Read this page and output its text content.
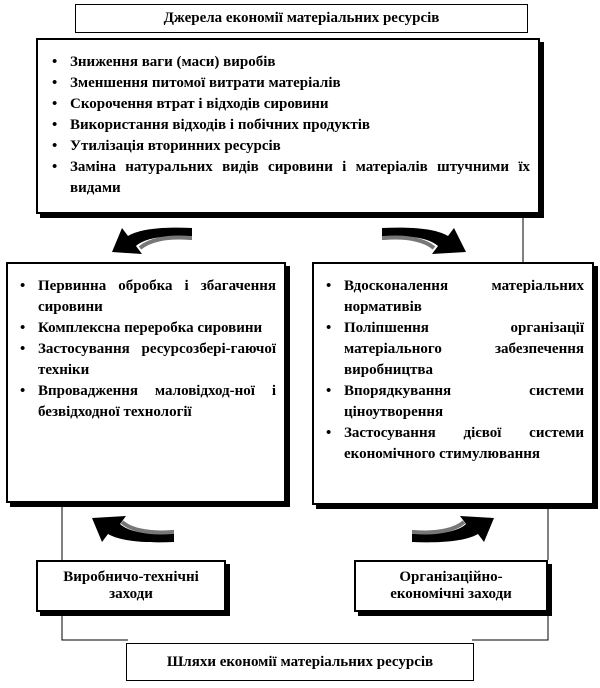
Джерела економії матеріальних ресурсів
• Зниження ваги (маси) виробів
• Зменшення питомої витрати матеріалів
• Скорочення втрат і відходів сировини
• Використання відходів і побічних продуктів
• Утилізація вторинних ресурсів
• Заміна натуральних видів сировини і матеріалів штучними їх видами
• Первинна обробка і збагачення сировини
• Комплексна переробка сировини
• Застосування ресурсозбері-гаючої техніки
• Впровадження маловідход-ної і безвідходної технології
• Вдосконалення матеріальних нормативів
• Поліпшення організації матеріального забезпечення виробництва
• Впорядкування системи ціноутворення
• Застосування дієвої системи економічного стимулювання
Виробничо-технічні заходи
Організаційно-економічні заходи
Шляхи економії матеріальних ресурсів
